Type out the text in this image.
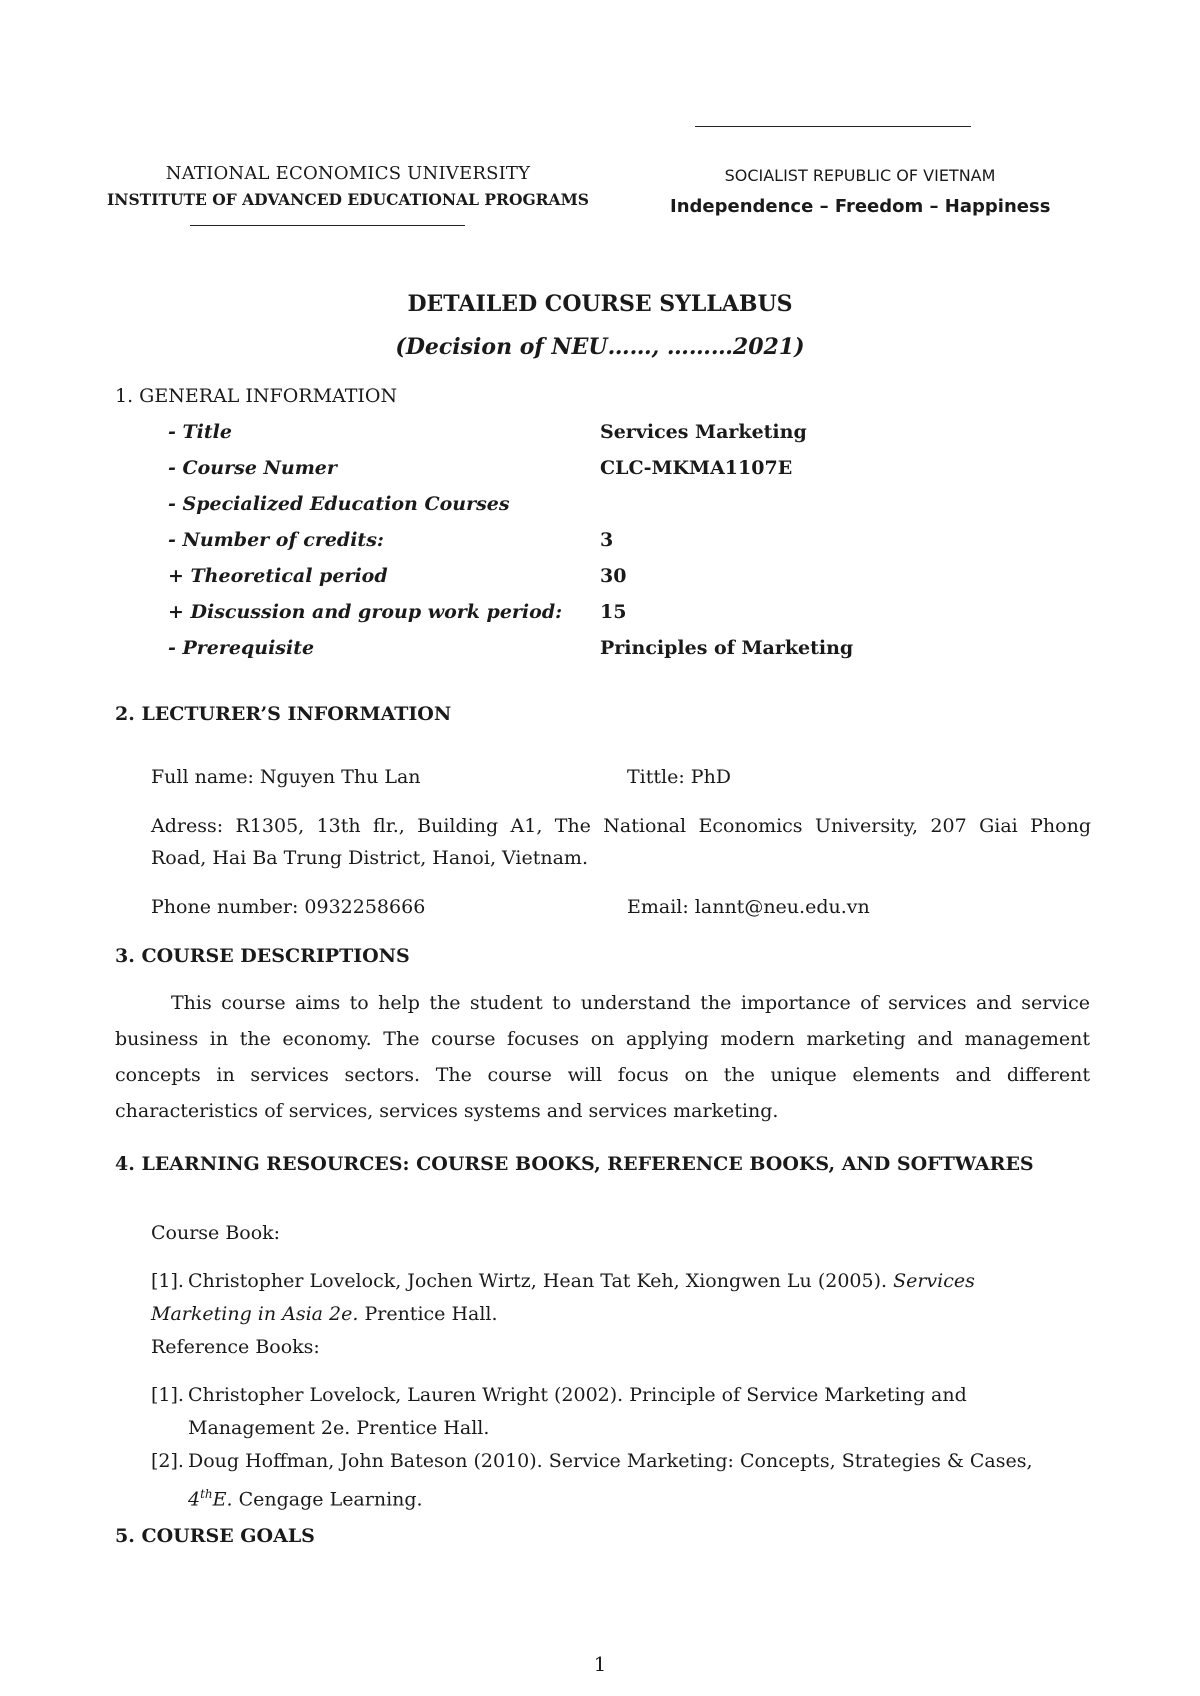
NATIONAL ECONOMICS UNIVERSITY
INSTITUTE OF ADVANCED EDUCATIONAL PROGRAMS
SOCIALIST REPUBLIC OF VIETNAM
Independence – Freedom – Happiness
DETAILED COURSE SYLLABUS
(Decision of NEU……, ………2021)
1. GENERAL INFORMATION
- Title	Services Marketing
- Course Numer	CLC-MKMA1107E
- Specialized Education Courses
- Number of credits:	3
+ Theoretical period	30
+ Discussion and group work period: 15
- Prerequisite	Principles of Marketing
2. LECTURER’S INFORMATION
Full name: Nguyen Thu Lan	Tittle: PhD
Adress: R1305, 13th flr., Building A1, The National Economics University, 207 Giai Phong
Road, Hai Ba Trung District, Hanoi, Vietnam.
Phone number: 0932258666	Email: lannt@neu.edu.vn
3. COURSE DESCRIPTIONS
This course aims to help the student to understand the importance of services and service business in the economy. The course focuses on applying modern marketing and management concepts in services sectors. The course will focus on the unique elements and different characteristics of services, services systems and services marketing.
4. LEARNING RESOURCES: COURSE BOOKS, REFERENCE BOOKS, AND SOFTWARES
Course Book:
[1]. Christopher Lovelock, Jochen Wirtz, Hean Tat Keh, Xiongwen Lu (2005). Services Marketing in Asia 2e. Prentice Hall.
Reference Books:
[1]. Christopher Lovelock, Lauren Wright (2002). Principle of Service Marketing and
Management 2e. Prentice Hall.
[2]. Doug Hoffman, John Bateson (2010). Service Marketing: Concepts, Strategies & Cases,
4thE. Cengage Learning.
5. COURSE GOALS
1
